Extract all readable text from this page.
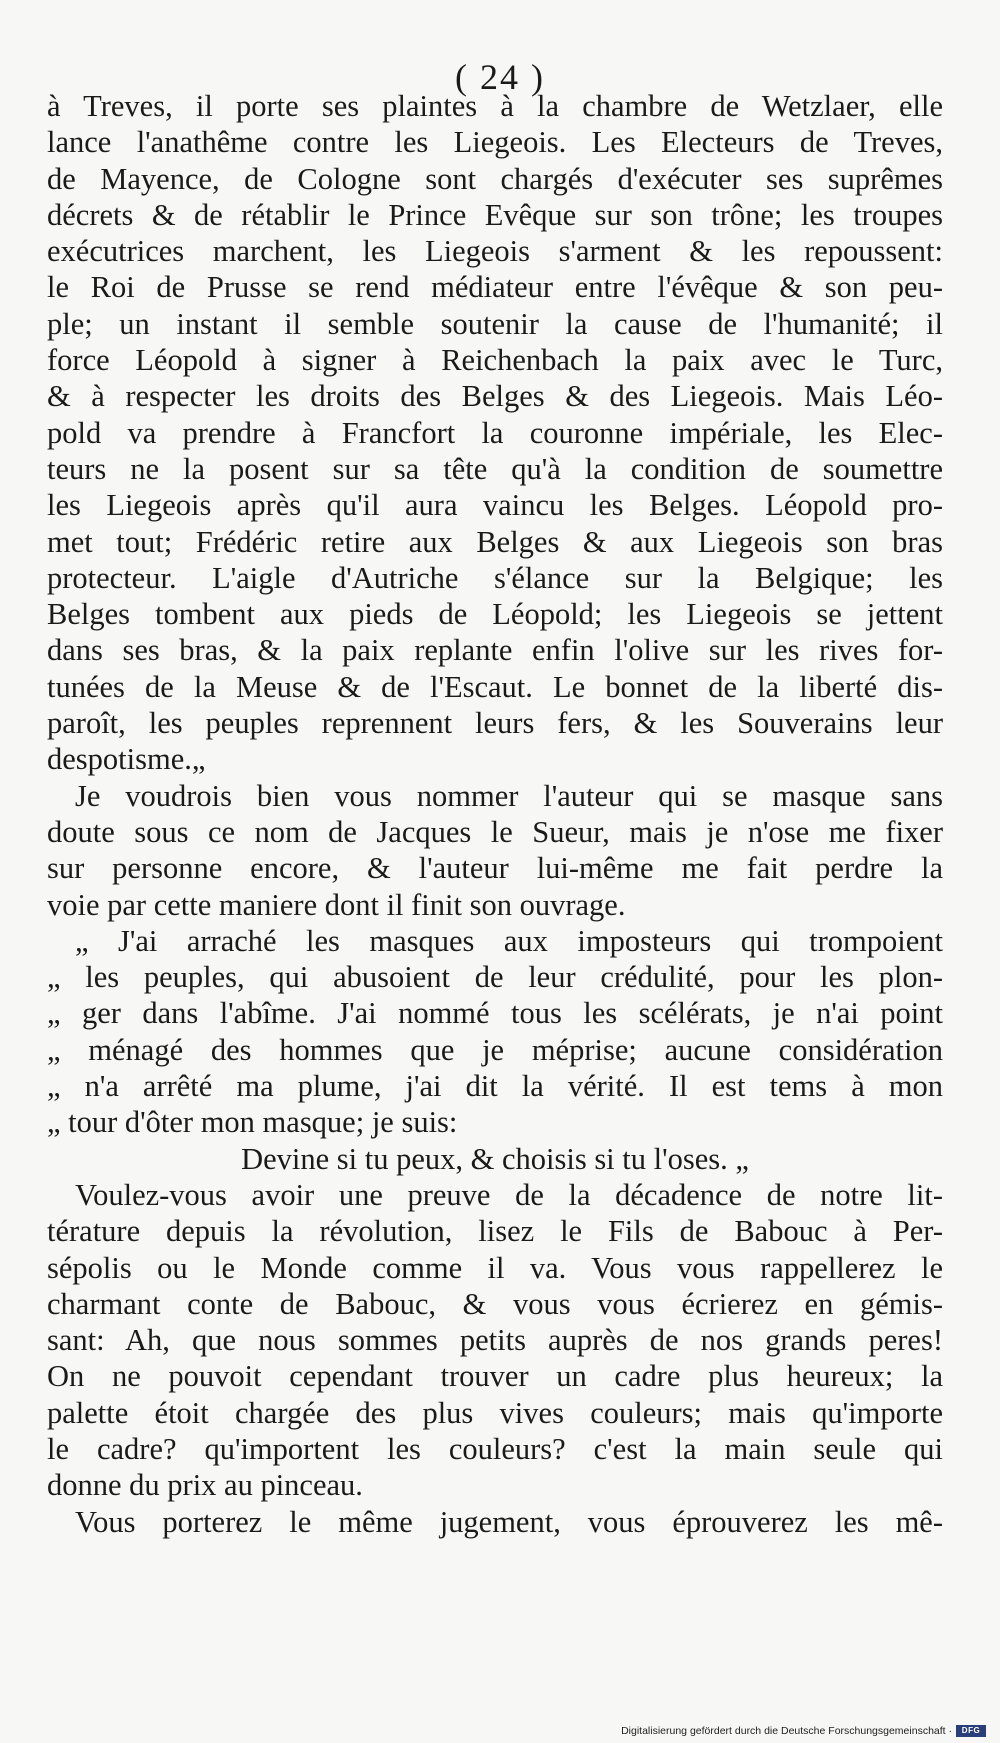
( 24 )
à Treves, il porte ses plaintes à la chambre de Wetzlaer, elle
lance l'anathême contre les Liegeois. Les Electeurs de Treves,
de Mayence, de Cologne sont chargés d'exécuter ses suprêmes
décrets & de rétablir le Prince Evêque sur son trône; les troupes
exécutrices marchent, les Liegeois s'arment & les repoussent:
le Roi de Prusse se rend médiateur entre l'évêque & son peu-
ple; un instant il semble soutenir la cause de l'humanité; il
force Léopold à signer à Reichenbach la paix avec le Turc,
& à respecter les droits des Belges & des Liegeois. Mais Léo-
pold va prendre à Francfort la couronne impériale, les Elec-
teurs ne la posent sur sa tête qu'à la condition de soumettre
les Liegeois après qu'il aura vaincu les Belges. Léopold pro-
met tout; Frédéric retire aux Belges & aux Liegeois son bras
protecteur. L'aigle d'Autriche s'élance sur la Belgique; les
Belges tombent aux pieds de Léopold; les Liegeois se jettent
dans ses bras, & la paix replante enfin l'olive sur les rives for-
tunées de la Meuse & de l'Escaut. Le bonnet de la liberté dis-
paroît, les peuples reprennent leurs fers, & les Souverains leur
despotisme.„
Je voudrois bien vous nommer l'auteur qui se masque sans
doute sous ce nom de Jacques le Sueur, mais je n'ose me fixer
sur personne encore, & l'auteur lui-même me fait perdre la
voie par cette maniere dont il finit son ouvrage.
„ J'ai arraché les masques aux imposteurs qui trompoient
„ les peuples, qui abusoient de leur crédulité, pour les plon-
„ ger dans l'abîme. J'ai nommé tous les scélérats, je n'ai point
„ ménagé des hommes que je méprise; aucune considération
„ n'a arrêté ma plume, j'ai dit la vérité. Il est tems à mon
„ tour d'ôter mon masque; je suis:
Devine si tu peux, & choisis si tu l'oses. „
Voulez-vous avoir une preuve de la décadence de notre lit-
térature depuis la révolution, lisez le Fils de Babouc à Per-
sépolis ou le Monde comme il va. Vous vous rappellerez le
charmant conte de Babouc, & vous vous écrierez en gémis-
sant: Ah, que nous sommes petits auprès de nos grands peres!
On ne pouvoit cependant trouver un cadre plus heureux; la
palette étoit chargée des plus vives couleurs; mais qu'importe
le cadre? qu'importent les couleurs? c'est la main seule qui
donne du prix au pinceau.
Vous porterez le même jugement, vous éprouverez les mê-
Digitalisierung gefördert durch die Deutsche Forschungsgemeinschaft ·	DFG
